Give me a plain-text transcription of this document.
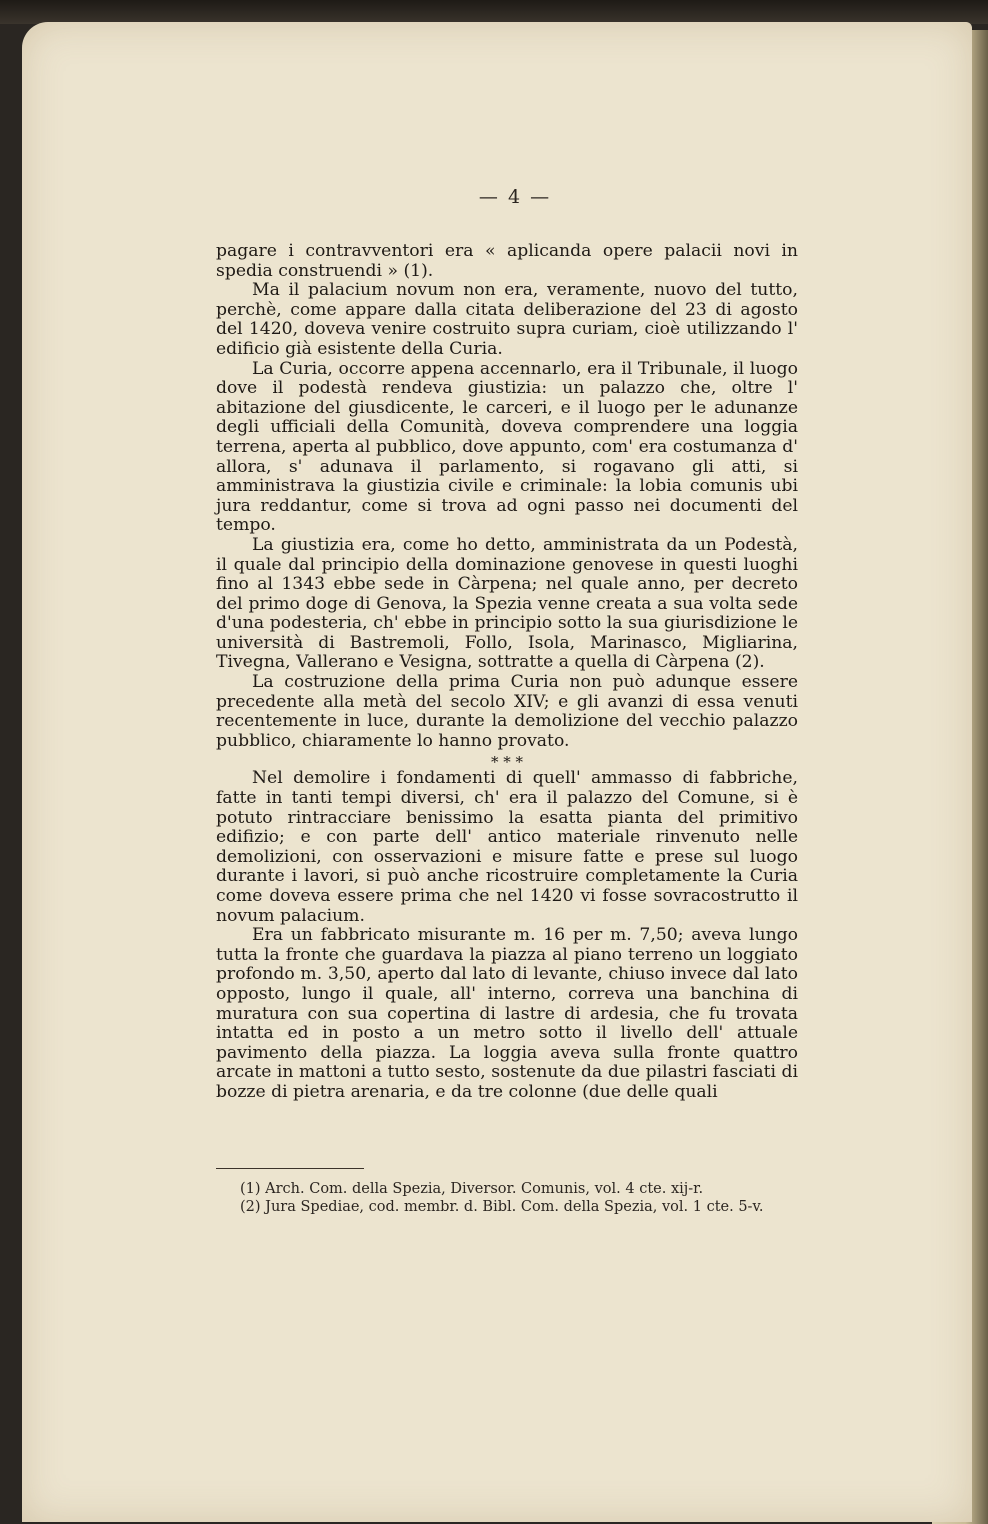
— 4 —

pagare i contravventori era « aplicanda opere palacii novi in spedia construendi » (1).

Ma il palacium novum non era, veramente, nuovo del tutto, perchè, come appare dalla citata deliberazione del 23 di agosto del 1420, doveva venire costruito supra curiam, cioè utilizzando l' edificio già esistente della Curia.

La Curia, occorre appena accennarlo, era il Tribunale, il luogo dove il podestà rendeva giustizia: un palazzo che, oltre l' abitazione del giusdicente, le carceri, e il luogo per le adunanze degli ufficiali della Comunità, doveva comprendere una loggia terrena, aperta al pubblico, dove appunto, com' era costumanza d' allora, s' adunava il parlamento, si rogavano gli atti, si amministrava la giustizia civile e criminale: la lobia comunis ubi jura reddantur, come si trova ad ogni passo nei documenti del tempo.

La giustizia era, come ho detto, amministrata da un Podestà, il quale dal principio della dominazione genovese in questi luoghi fino al 1343 ebbe sede in Càrpena; nel quale anno, per decreto del primo doge di Genova, la Spezia venne creata a sua volta sede d'una podesteria, ch' ebbe in principio sotto la sua giurisdizione le università di Bastremoli, Follo, Isola, Marinasco, Migliarina, Tivegna, Vallerano e Vesigna, sottratte a quella di Càrpena (2).

La costruzione della prima Curia non può adunque essere precedente alla metà del secolo XIV; e gli avanzi di essa venuti recentemente in luce, durante la demolizione del vecchio palazzo pubblico, chiaramente lo hanno provato.

* * *

Nel demolire i fondamenti di quell' ammasso di fabbriche, fatte in tanti tempi diversi, ch' era il palazzo del Comune, si è potuto rintracciare benissimo la esatta pianta del primitivo edifizio; e con parte dell' antico materiale rinvenuto nelle demolizioni, con osservazioni e misure fatte e prese sul luogo durante i lavori, si può anche ricostruire completamente la Curia come doveva essere prima che nel 1420 vi fosse sovracostrutto il novum palacium.

Era un fabbricato misurante m. 16 per m. 7,50; aveva lungo tutta la fronte che guardava la piazza al piano terreno un loggiato profondo m. 3,50, aperto dal lato di levante, chiuso invece dal lato opposto, lungo il quale, all' interno, correva una banchina di muratura con sua copertina di lastre di ardesia, che fu trovata intatta ed in posto a un metro sotto il livello dell' attuale pavimento della piazza. La loggia aveva sulla fronte quattro arcate in mattoni a tutto sesto, sostenute da due pilastri fasciati di bozze di pietra arenaria, e da tre colonne (due delle quali

(1) Arch. Com. della Spezia, Diversor. Comunis, vol. 4 cte. xij-r.

(2) Jura Spediae, cod. membr. d. Bibl. Com. della Spezia, vol. 1 cte. 5-v.
